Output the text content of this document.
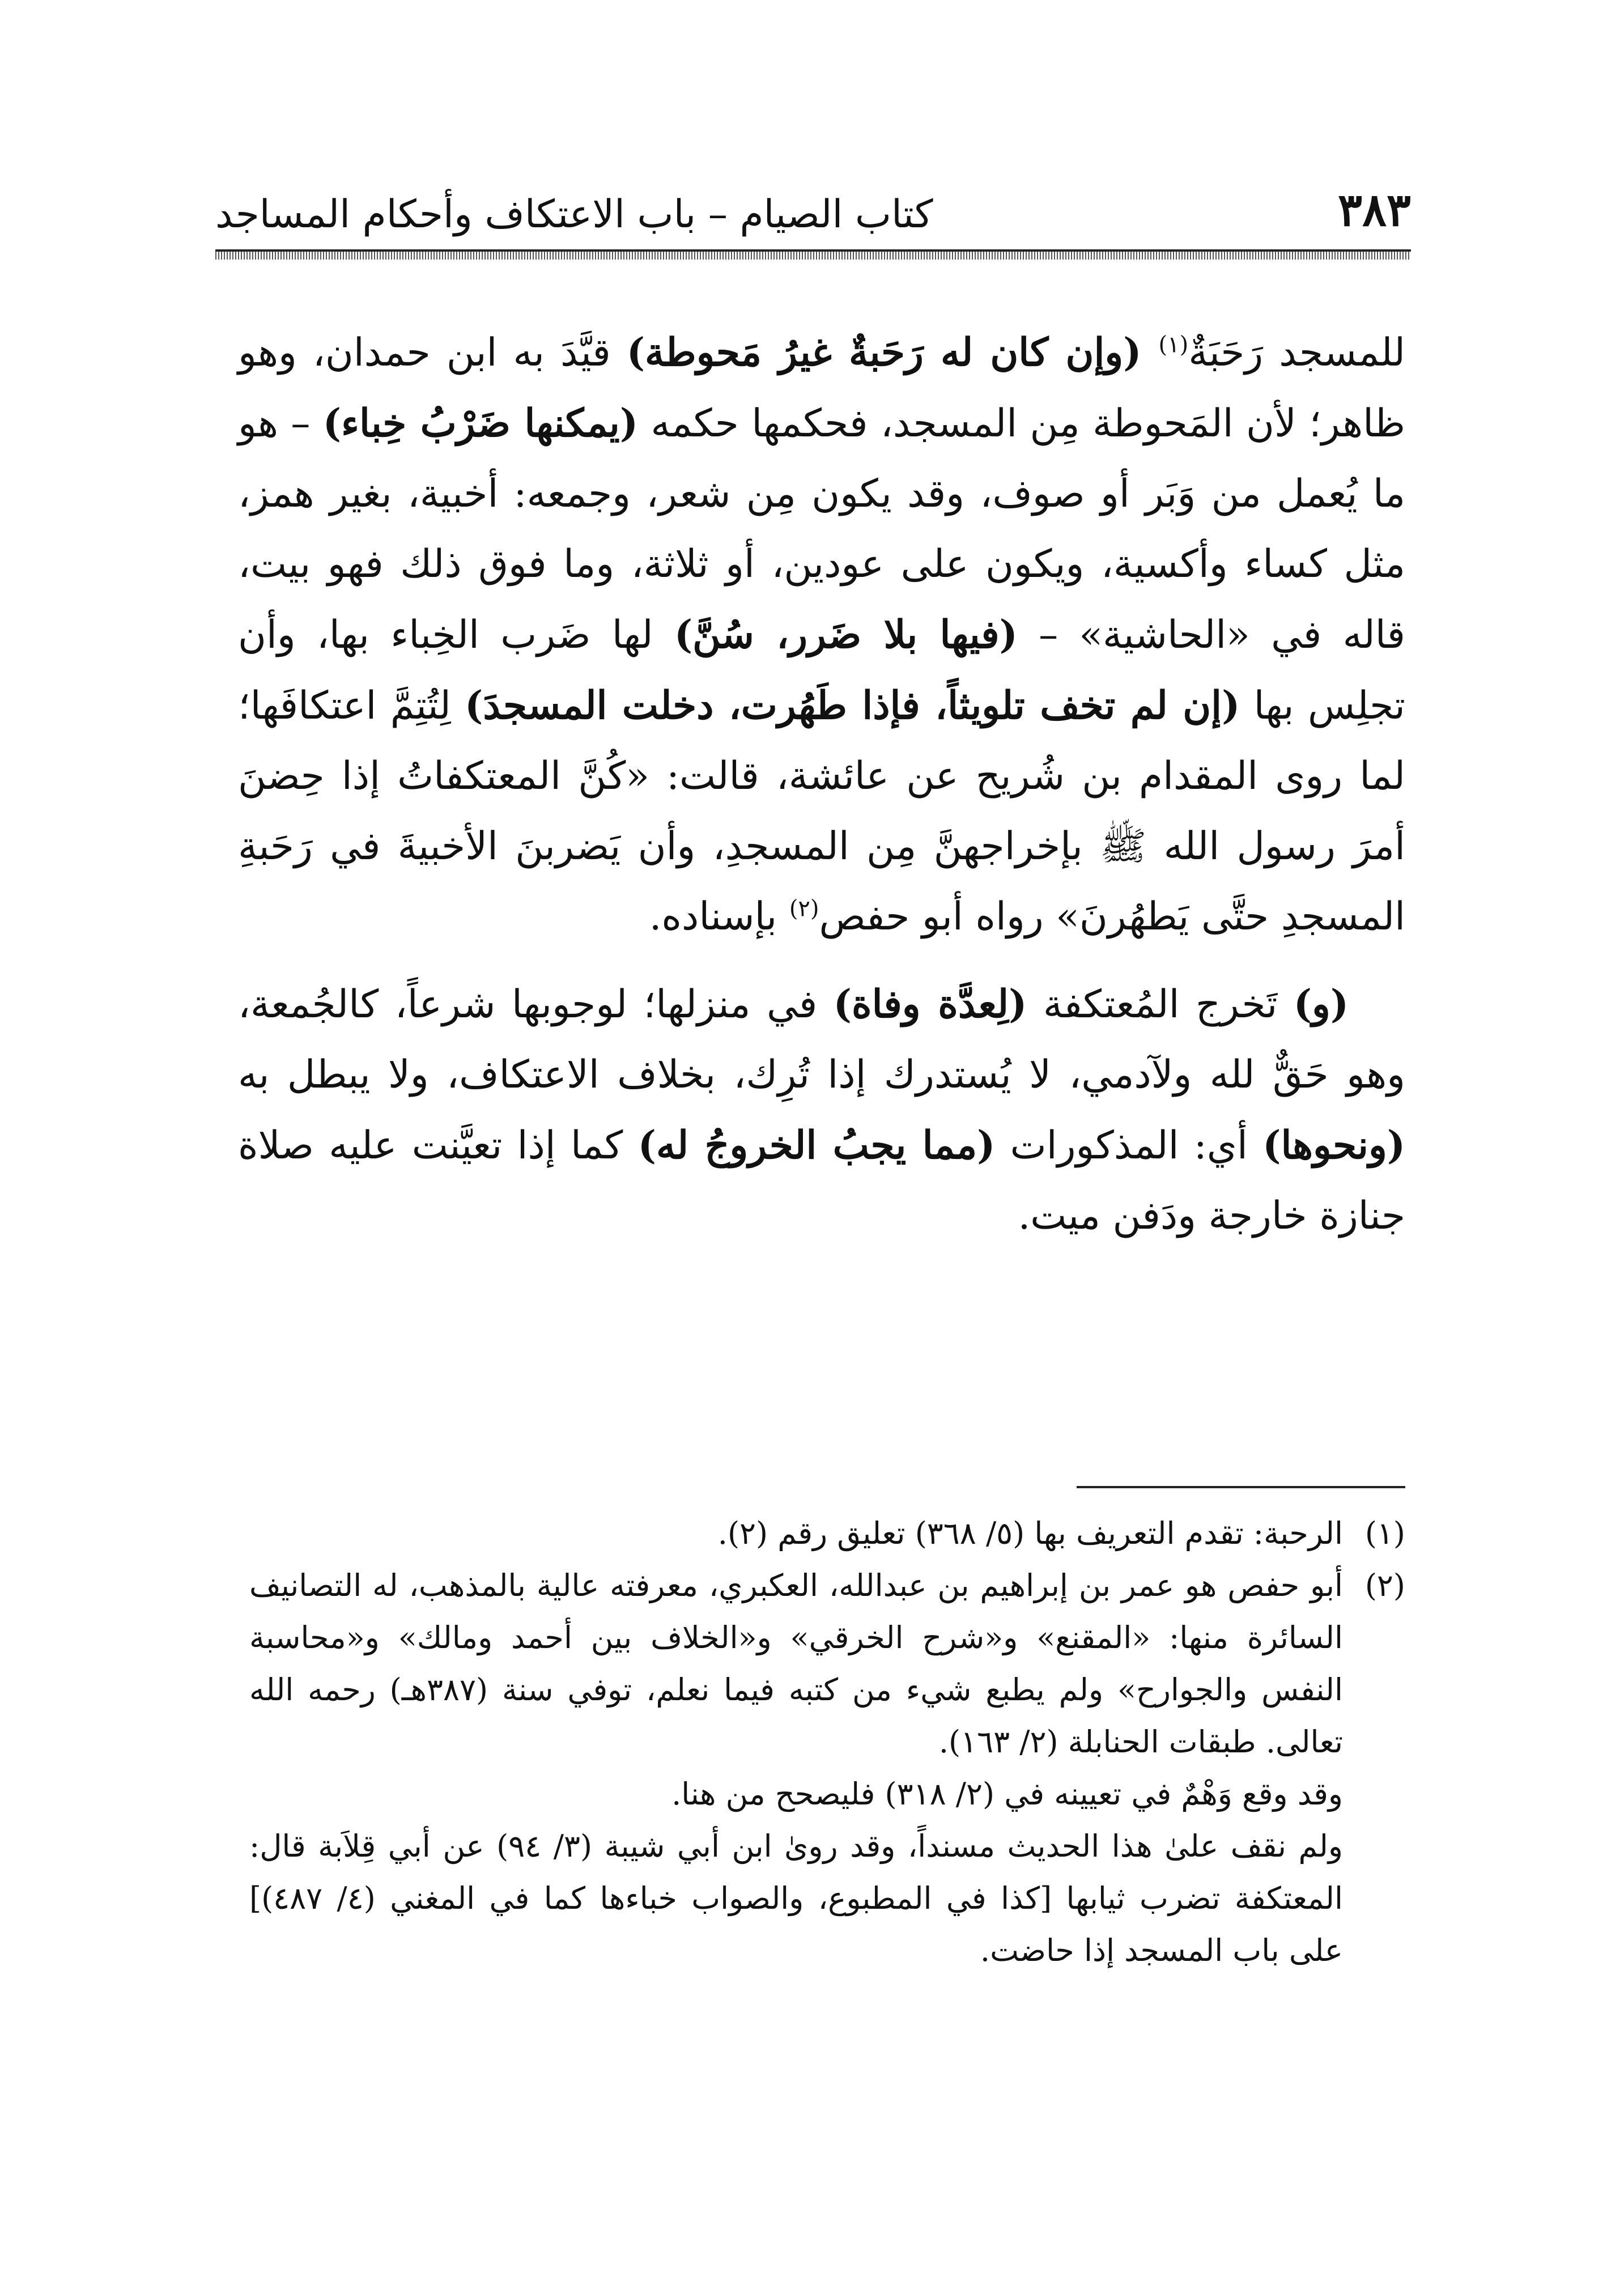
٣٨٣
كتاب الصيام – باب الاعتكاف وأحكام المساجد

للمسجد رَحَبَةٌ$^{(١)}$ (وإن كان له رَحَبةٌ غيرُ مَحوطة) قيَّدَ به ابن حمدان، وهو ظاهر؛ لأن المَحوطة مِن المسجد، فحكمها حكمه (يمكنها ضَرْبُ خِباء) – هو ما يُعمل من وَبَر أو صوف، وقد يكون مِن شعر، وجمعه: أخبية، بغير همز، مثل كساء وأكسية، ويكون على عودين، أو ثلاثة، وما فوق ذلك فهو بيت، قاله في «الحاشية» – (فيها بلا ضَرر، سُنَّ) لها ضَرب الخِباء بها، وأن تجلِس بها (إن لم تخف تلويثاً، فإذا طَهُرت، دخلت المسجدَ) لِتُتِمَّ اعتكافَها؛ لما روى المقدام بن شُريح عن عائشة، قالت: «كُنَّ المعتكفاتُ إذا حِضنَ أمرَ رسول الله ﷺ بإخراجهنَّ مِن المسجدِ، وأن يَضربنَ الأخبيةَ في رَحَبةِ المسجدِ حتَّى يَطهُرنَ» رواه أبو حفص$^{(٢)}$ بإسناده.

(و) تَخرج المُعتكفة (لِعدَّة وفاة) في منزلها؛ لوجوبها شرعاً، كالجُمعة، وهو حَقٌّ لله ولآدمي، لا يُستدرك إذا تُرِك، بخلاف الاعتكاف، ولا يبطل به (ونحوها) أي: المذكورات (مما يجبُ الخروجُ له) كما إذا تعيَّنت عليه صلاة جنازة خارجة ودَفن ميت.

(١)
الرحبة: تقدم التعريف بها (٥/ ٣٦٨) تعليق رقم (٢).
(٢)
أبو حفص هو عمر بن إبراهيم بن عبدالله، العكبري، معرفته عالية بالمذهب، له التصانيف السائرة منها: «المقنع» و«شرح الخرقي» و«الخلاف بين أحمد ومالك» و«محاسبة النفس والجوارح» ولم يطبع شيء من كتبه فيما نعلم، توفي سنة (٣٨٧هـ) رحمه الله تعالى. طبقات الحنابلة (٢/ ١٦٣).
وقد وقع وَهْمٌ في تعيينه في (٢/ ٣١٨) فليصحح من هنا.
ولم نقف علىٰ هذا الحديث مسنداً، وقد روىٰ ابن أبي شيبة (٣/ ٩٤) عن أبي قِلاَبة قال: المعتكفة تضرب ثيابها [كذا في المطبوع، والصواب خباءها كما في المغني (٤/ ٤٨٧)] على باب المسجد إذا حاضت.
